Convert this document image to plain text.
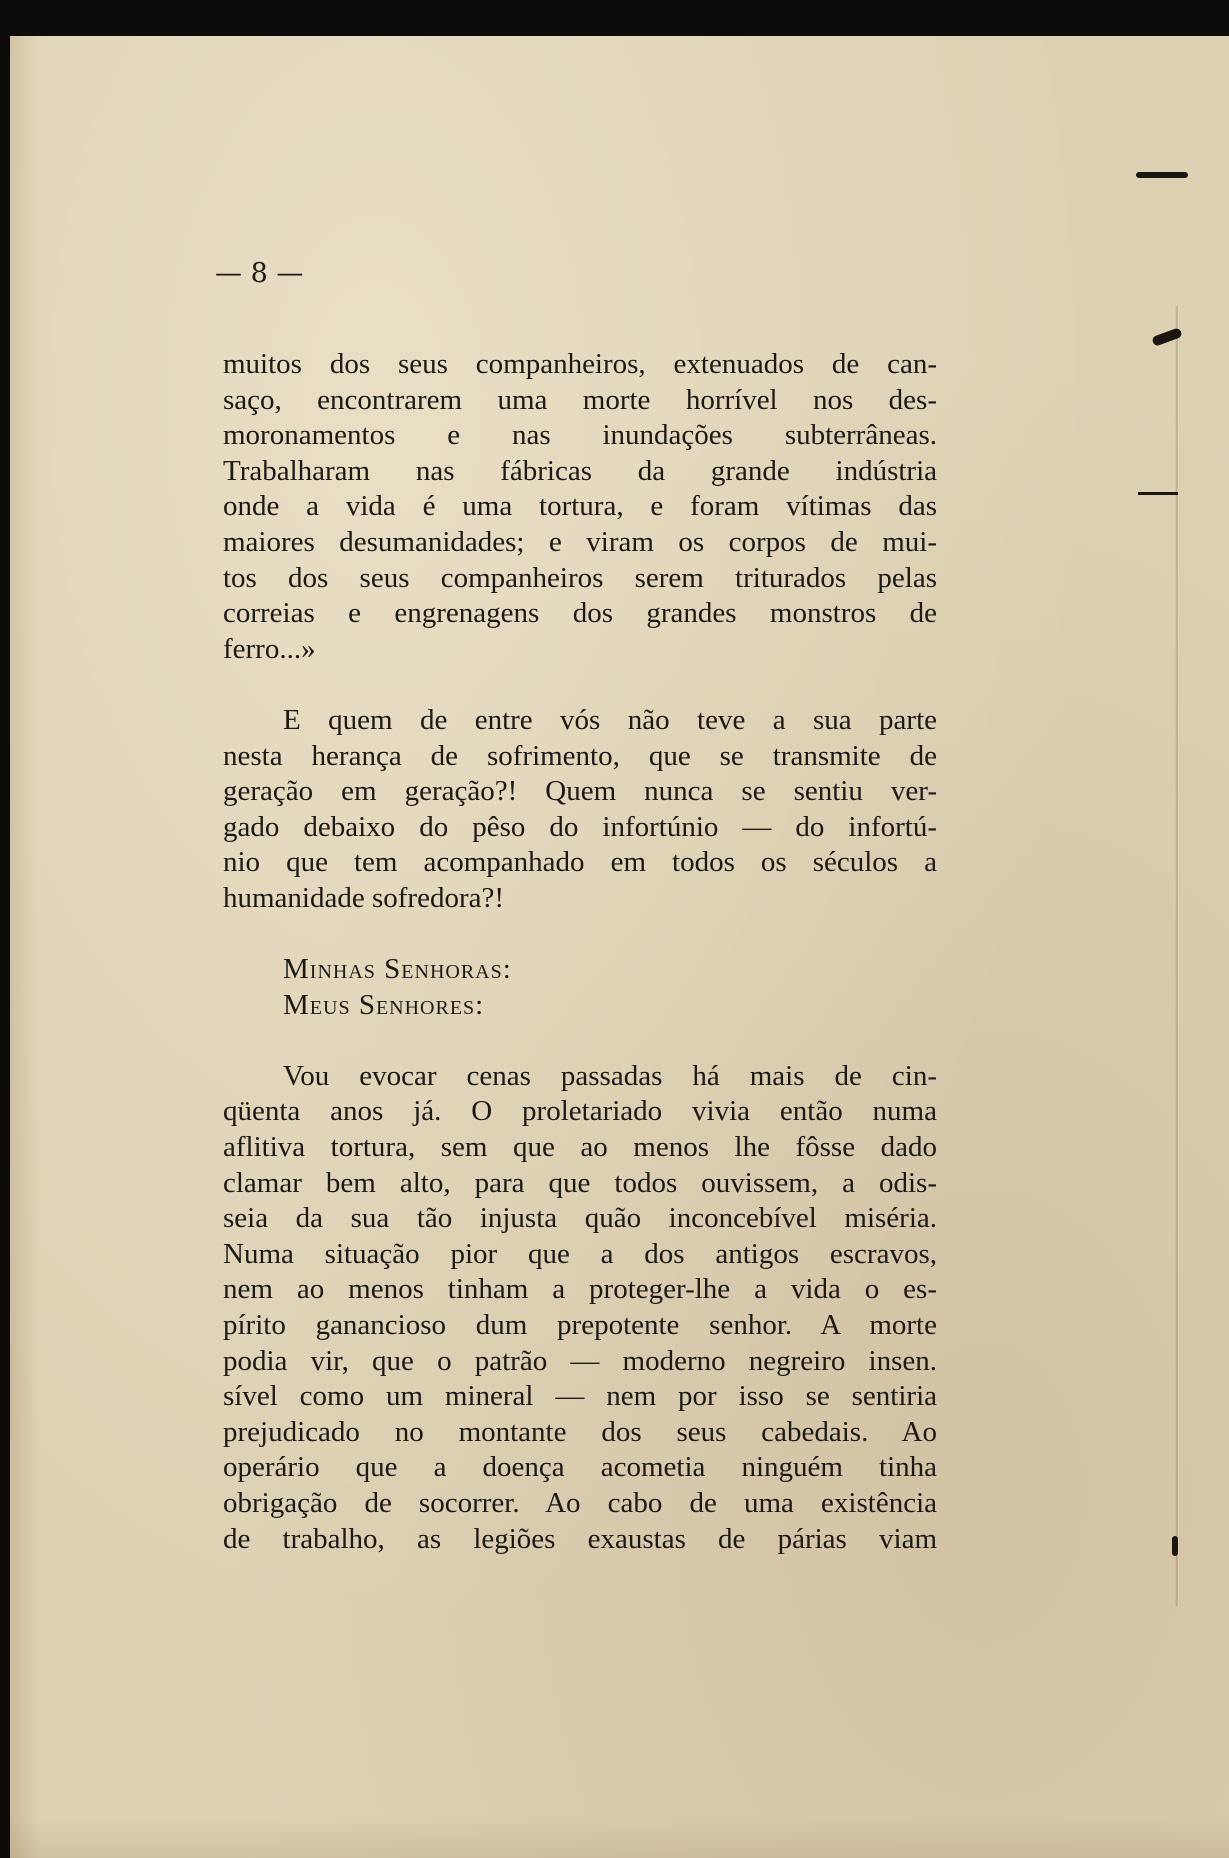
— 8 —
muitos dos seus companheiros, extenuados de can-
saço, encontrarem uma morte horrível nos des-
moronamentos e nas inundações subterrâneas.
Trabalharam nas fábricas da grande indústria
onde a vida é uma tortura, e foram vítimas das
maiores desumanidades; e viram os corpos de mui-
tos dos seus companheiros serem triturados pelas
correias e engrenagens dos grandes monstros de
ferro...»
E quem de entre vós não teve a sua parte
nesta herança de sofrimento, que se transmite de
geração em geração?! Quem nunca se sentiu ver-
gado debaixo do pêso do infortúnio — do infortú-
nio que tem acompanhado em todos os séculos a
humanidade sofredora?!
Minhas Senhoras:
Meus Senhores:
Vou evocar cenas passadas há mais de cin-
qüenta anos já. O proletariado vivia então numa
aflitiva tortura, sem que ao menos lhe fôsse dado
clamar bem alto, para que todos ouvissem, a odis-
seia da sua tão injusta quão inconcebível miséria.
Numa situação pior que a dos antigos escravos,
nem ao menos tinham a proteger-lhe a vida o es-
pírito ganancioso dum prepotente senhor. A morte
podia vir, que o patrão — moderno negreiro insen.
sível como um mineral — nem por isso se sentiria
prejudicado no montante dos seus cabedais. Ao
operário que a doença acometia ninguém tinha
obrigação de socorrer. Ao cabo de uma existência
de trabalho, as legiões exaustas de párias viam
